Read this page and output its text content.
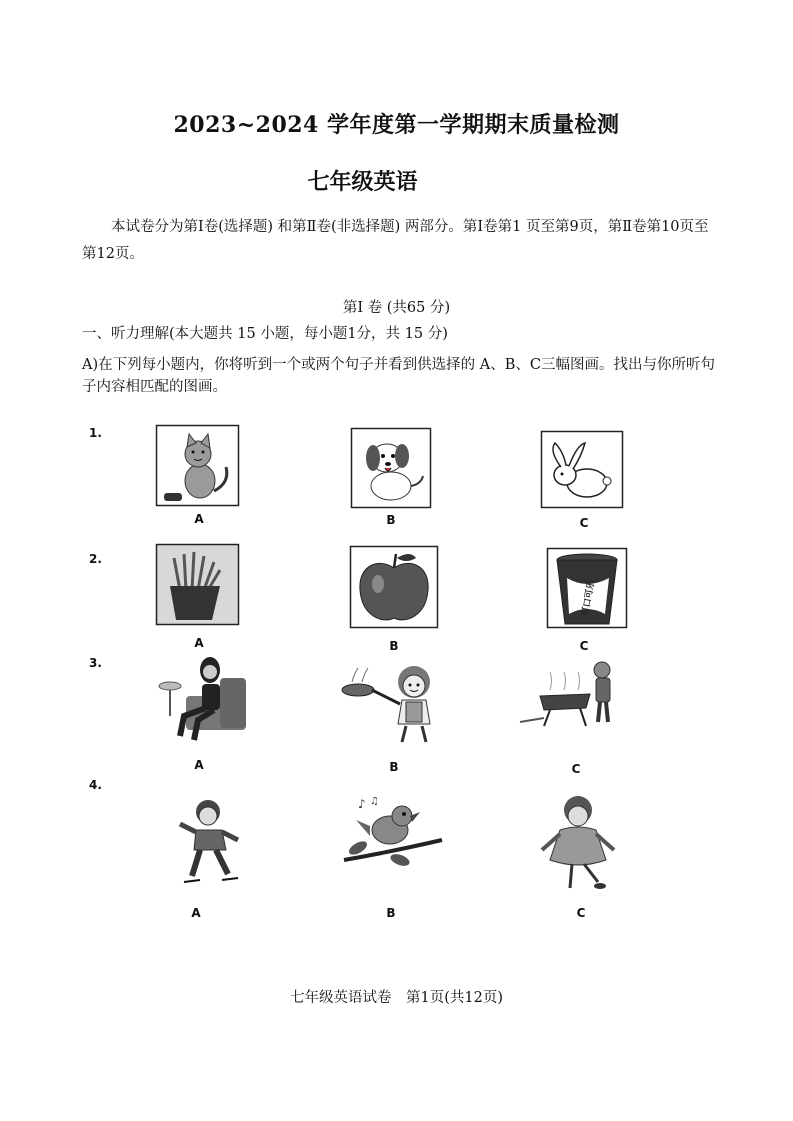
2023~2024 学年度第一学期期末质量检测
七年级英语
本试卷分为第Ⅰ卷(选择题) 和第Ⅱ卷(非选择题) 两部分。第Ⅰ卷第1 页至第9页，第Ⅱ卷第10页至第12页。
第Ⅰ 卷 (共65 分)
一、听力理解(本大题共 15 小题，每小题1分，共 15 分)
A)在下列每小题内，你将听到一个或两个句子并看到供选择的 A、B、C三幅图画。找出与你所听句子内容相匹配的图画。
1.
2.
3.
4.
A	B	C
A	B
可口可乐
C
A	B	C
A
♪ ♫
B	C
七年级英语试卷　第1页(共12页)
